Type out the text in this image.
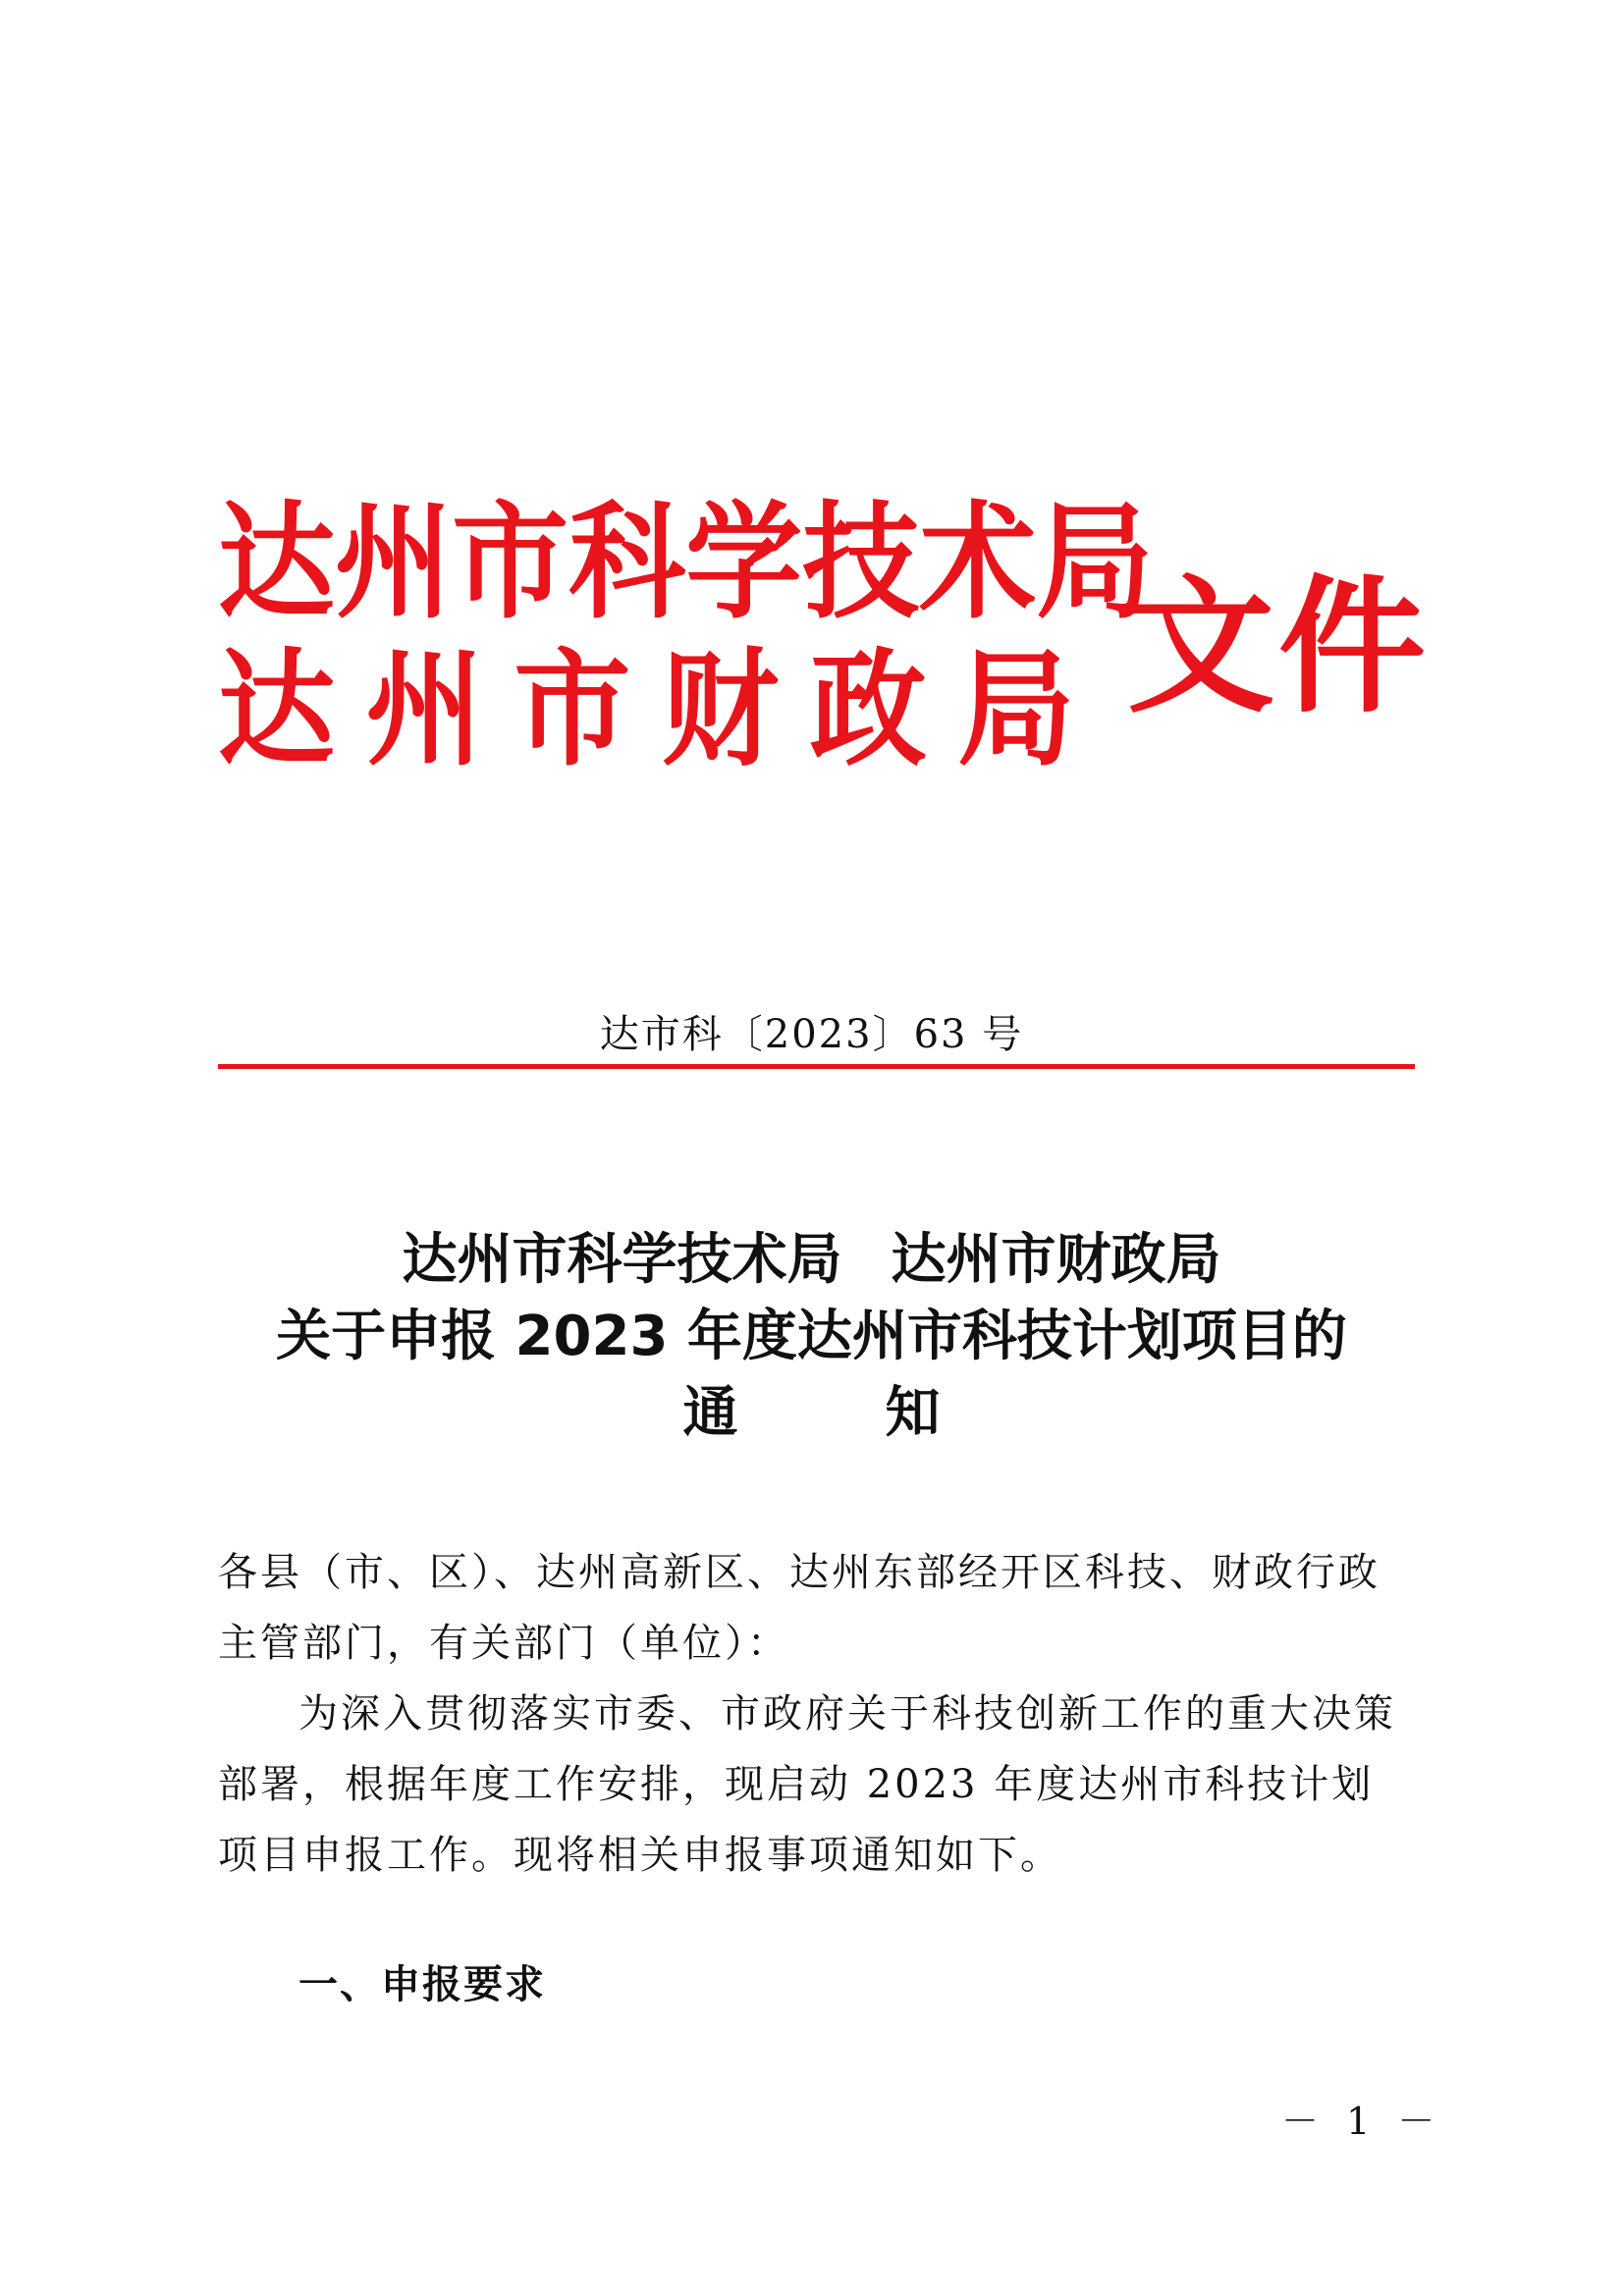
达州市科学技术局
达州市财政局 文件
达市科〔2023〕63 号
达州市科学技术局 达州市财政局
关于申报 2023 年度达州市科技计划项目的
通	知
各县（市、区）、达州高新区、达州东部经开区科技、财政行政主管部门，有关部门（单位）：
为深入贯彻落实市委、市政府关于科技创新工作的重大决策部署，根据年度工作安排，现启动 2023 年度达州市科技计划项目申报工作。现将相关申报事项通知如下。
一、申报要求
－ 1 －
